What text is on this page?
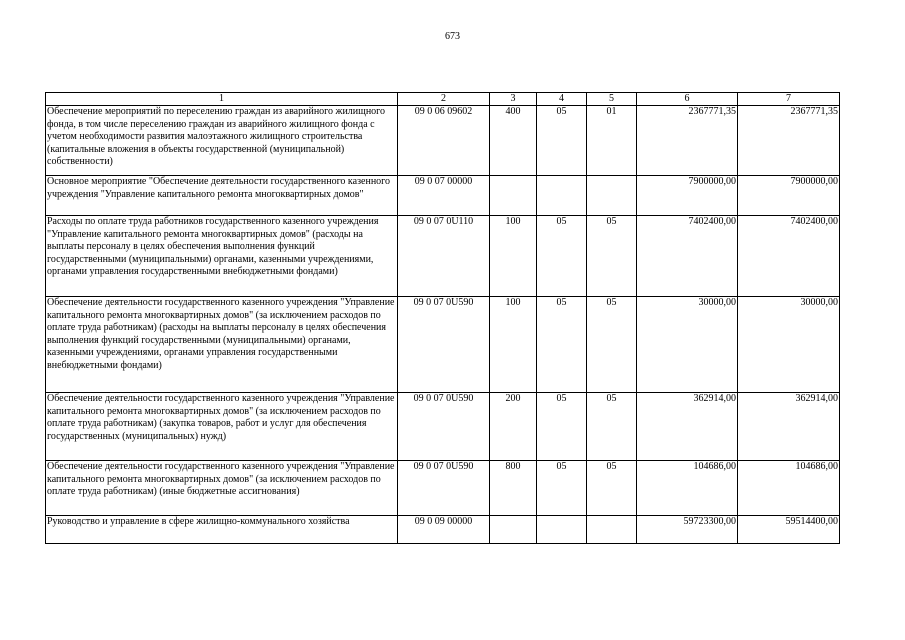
673
1	2	3	4	5	6	7
Обеспечение мероприятий по переселению граждан из аварийного жилищного фонда, в том числе переселению граждан из аварийного жилищного фонда с учетом необходимости развития малоэтажного жилищного строительства (капитальные вложения в объекты государственной (муниципальной) собственности)	09 0 06 09602	400	05	01	2367771,35	2367771,35
Основное мероприятие "Обеспечение деятельности государственного казенного учреждения "Управление капитального ремонта многоквартирных домов"	09 0 07 00000				7900000,00	7900000,00
Расходы по оплате труда работников государственного казенного учреждения "Управление капитального ремонта многоквартирных домов" (расходы на выплаты персоналу в целях обеспечения выполнения функций государственными (муниципальными) органами, казенными учреждениями, органами управления государственными внебюджетными фондами)	09 0 07 0U110	100	05	05	7402400,00	7402400,00
Обеспечение деятельности государственного казенного учреждения "Управление капитального ремонта многоквартирных домов" (за исключением расходов по оплате труда работникам) (расходы на выплаты персоналу в целях обеспечения выполнения функций государственными (муниципальными) органами, казенными учреждениями, органами управления государственными внебюджетными фондами)	09 0 07 0U590	100	05	05	30000,00	30000,00
Обеспечение деятельности государственного казенного учреждения "Управление капитального ремонта многоквартирных домов" (за исключением расходов по оплате труда работникам) (закупка товаров, работ и услуг для обеспечения государственных (муниципальных) нужд)	09 0 07 0U590	200	05	05	362914,00	362914,00
Обеспечение деятельности государственного казенного учреждения "Управление капитального ремонта многоквартирных домов" (за исключением расходов по оплате труда работникам) (иные бюджетные ассигнования)	09 0 07 0U590	800	05	05	104686,00	104686,00
Руководство и управление в сфере жилищно-коммунального хозяйства	09 0 09 00000				59723300,00	59514400,00
